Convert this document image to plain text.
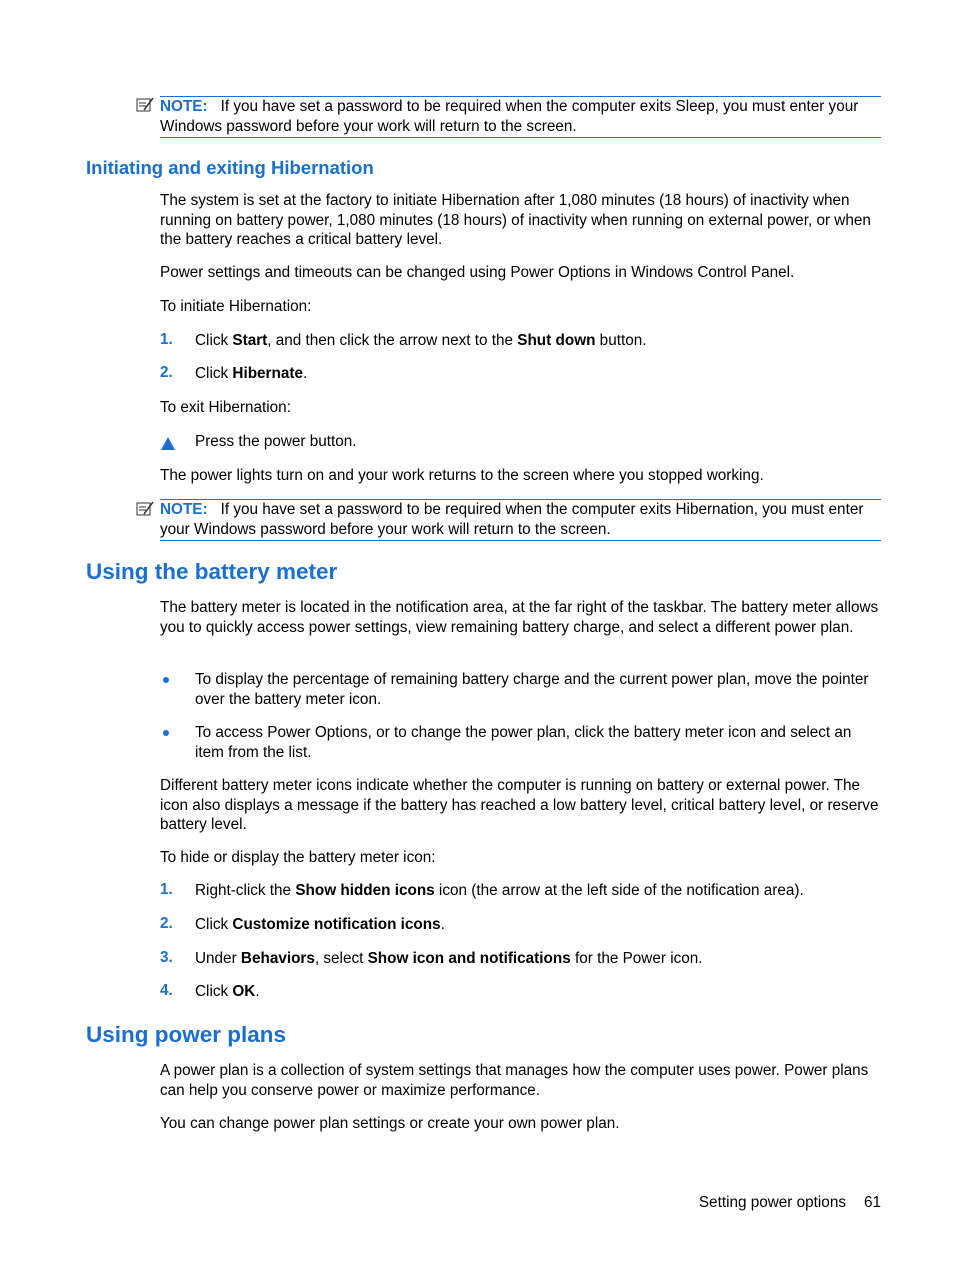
NOTE: If you have set a password to be required when the computer exits Sleep, you must enter your Windows password before your work will return to the screen.
Initiating and exiting Hibernation
The system is set at the factory to initiate Hibernation after 1,080 minutes (18 hours) of inactivity when running on battery power, 1,080 minutes (18 hours) of inactivity when running on external power, or when the battery reaches a critical battery level.
Power settings and timeouts can be changed using Power Options in Windows Control Panel.
To initiate Hibernation:
1. Click Start, and then click the arrow next to the Shut down button.
2. Click Hibernate.
To exit Hibernation:
Press the power button.
The power lights turn on and your work returns to the screen where you stopped working.
NOTE: If you have set a password to be required when the computer exits Hibernation, you must enter your Windows password before your work will return to the screen.
Using the battery meter
The battery meter is located in the notification area, at the far right of the taskbar. The battery meter allows you to quickly access power settings, view remaining battery charge, and select a different power plan.
To display the percentage of remaining battery charge and the current power plan, move the pointer over the battery meter icon.
To access Power Options, or to change the power plan, click the battery meter icon and select an item from the list.
Different battery meter icons indicate whether the computer is running on battery or external power. The icon also displays a message if the battery has reached a low battery level, critical battery level, or reserve battery level.
To hide or display the battery meter icon:
1. Right-click the Show hidden icons icon (the arrow at the left side of the notification area).
2. Click Customize notification icons.
3. Under Behaviors, select Show icon and notifications for the Power icon.
4. Click OK.
Using power plans
A power plan is a collection of system settings that manages how the computer uses power. Power plans can help you conserve power or maximize performance.
You can change power plan settings or create your own power plan.
Setting power options 61
